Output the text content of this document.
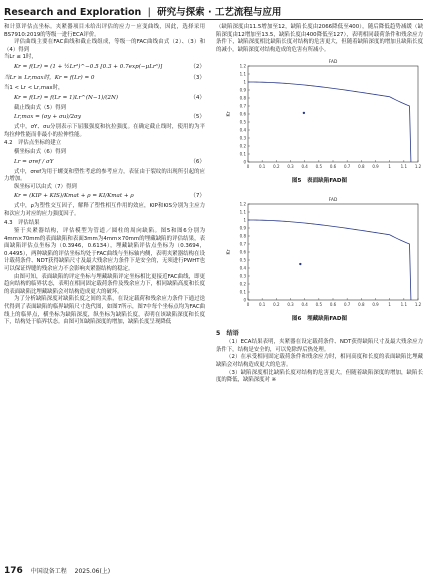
Research and Exploration | 研究与探索 · 工艺流程与应用

和计算评估点坐标。夹紧器项目未给出评估的应力－应变曲线，因此，选择采用BS7910:2019的等级一进行ECA评价。

评估曲线主要在FAC曲线和截止线组成，等级一的FAC曲线由式（2）、（3）和（4）得到

当Lr ≤ 1时，

Kr = f(Lr) = (1 + ½Lr²)^−0.5 [0.3 + 0.7exp(−μLr⁶)]	（2）
当Lr ≥ Lr,max时，Kr = f(Lr) = 0	（3）

当1 < Lr < Lr,max时，

Kr = f(Lr) = f(Lr = 1)Lr^(N−1)/(2N)	（4）

截止线由式（5）得到

Lr,max = (σy + σu)/2σy	（5）

式中，σY、σu分别表示下屈服强度和抗拉强度。在确定截止线时，使用的为平均拉伸性能而非最小的拉伸性能。

4.2　评估点坐标的建立

横坐标由式（6）得到

Lr = σref / σY	（6）

式中，σref为用于螺变和塑性考虑的参考应力，表征由于裂纹的出现所引起的应力增加。

纵坐标可以由式（7）得到

Kr = (KIP + KIS)/Kmat + ρ = KI/Kmat + ρ	（7）

式中，ρ为塑性交互因子，解释了塑性相互作用的效应，KIP和KIS分别为主应力和次应力对应的应力强度因子。

4.3　评估结果

鉴于夹紧器结构，评估模型为管道／圆柱的周向缺陷。图5和图6分别为4mm×70mm的表面缺陷和表面3mm为4mm×70mm的埋藏缺陷的评估结果，表面缺陷评估点坐标为（0.3946，0.6134），埋藏缺陷评估点坐标为（0.3694，0.4495），两种缺陷的评估坐标均处于FAC曲线与坐标轴内侧，表明夹紧器结构在设计载荷条件、NDT获得缺陷尺寸及最大残余应力条件下是安全的，无须进行PWHT也可以保证焊缝的残余应力不会影响夹紧器结构的稳定。

由图可知，表面缺陷的评定坐标与埋藏缺陷评定坐标相比更接近FAC曲线，即更趋向结构的临界状态，表明在相同固定载荷条件及残余应力下，相同缺陷高度和长度的表面缺陷比埋藏缺陷会对结构造成更大的破坏。

为了分析缺陷深度对缺陷长度之间的关系，在设定载荷和残余应力条件下通过迭代得到了表面缺陷的临界缺陷尺寸迭代图，如图7所示，图7中每个坐标点均为FAC曲线上的临界点，横坐标为缺陷深度，纵坐标为缺陷长度，表明在该缺陷深度和长度下，结构处于临界状态。由图可知缺陷深度的增加，缺陷长度呈现降低

（缺陷深度由11.5增加至12，缺陷长度由2066降低至400），随后降低趋势减缓（缺陷深度由12增加至13.5，缺陷长度由400降低至127），表明相同载荷条件和残余应力条件下，缺陷深度相比缺陷长度对结构的危害更大，但随着缺陷深度的增加且缺陷长度的减小，缺陷深度对结构造成的危害有所减小。

FAD
Kr
1.2
1.1
1
0.9
0.8
0.7
0.6
0.5
0.4
0.3
0.2
0.1
0
0 0.1 0.2 0.3 0.4 0.5 0.6 0.7 0.8 0.9 1 1.1 1.2
图5　表面缺陷FAD图
FAD
Kr
1.2
1.1
1
0.9
0.8
0.7
0.6
0.5
0.4
0.3
0.2
0.1
0
0 0.1 0.2 0.3 0.4 0.5 0.6 0.7 0.8 0.9 1 1.1 1.2
图6　埋藏缺陷FAD图
5　结语

（1）ECA结果表明，夹紧器在设定载荷条件、NDT获得缺陷尺寸及最大残余应力条件下，结构是安全的，可以免除焊后热处理。

（2）在承受相同固定载荷条件和残余应力时，相同高度和长度的表面缺陷比埋藏缺陷会对结构造成更大的危害。

（3）缺陷深度相比缺陷长度对结构的危害更大，但随着缺陷深度的增加，缺陷长度的降低，缺陷深度对 ※

176 中国设备工程 2025.06(上)
